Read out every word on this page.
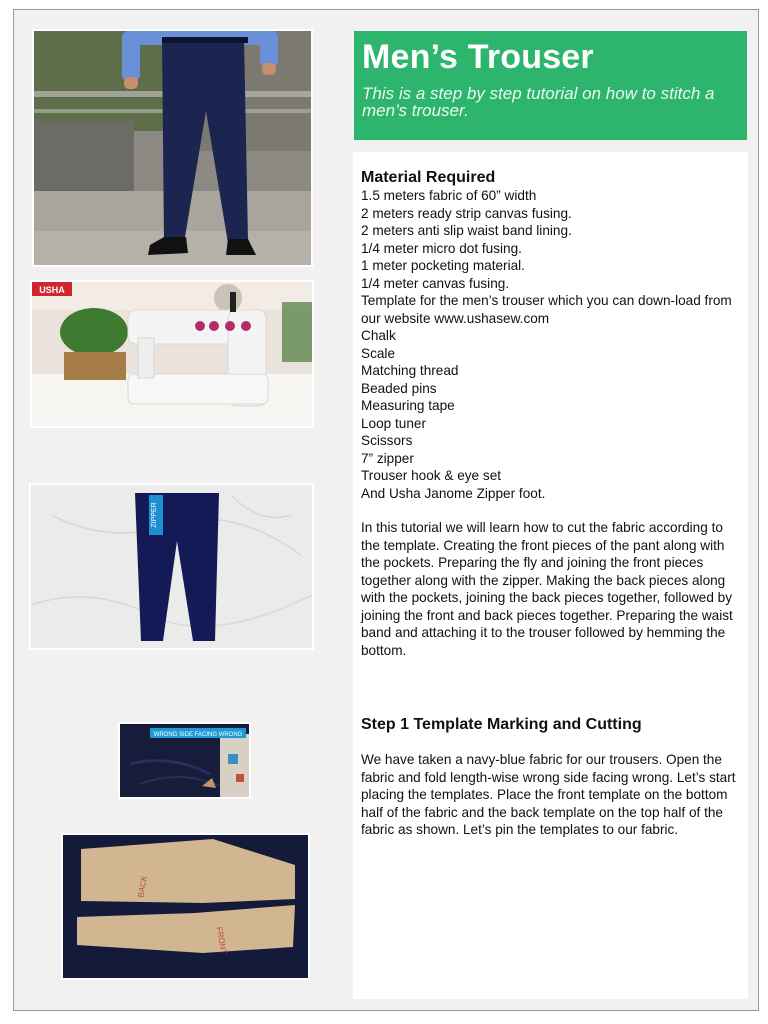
USHA
ZIPPER
WRONG SIDE FACING WRONG
BACK
FRONT
Men’s Trouser
This is a step by step tutorial on how to stitch a men’s trouser.
Material Required
1.5 meters fabric of 60” width
2 meters ready strip canvas fusing.
2 meters anti slip waist band lining.
1/4 meter micro dot fusing.
1 meter pocketing material.
1/4 meter canvas fusing.
Template for the men’s trouser which you can down-load from our website www.ushasew.com
Chalk
Scale
Matching thread
Beaded pins
Measuring tape
Loop tuner
Scissors
7” zipper
Trouser hook & eye set
And Usha Janome Zipper foot.

In this tutorial we will learn how to cut the fabric according to the template. Creating the front pieces of the pant along with the pockets. Preparing the fly and joining the front pieces together along with the zipper. Making the back pieces along with the pockets, joining the back pieces together, followed by joining the front and back pieces together. Preparing the waist band and attaching it to the trouser followed by hemming the bottom.

Step 1 Template Marking and Cutting

We have taken a navy-blue fabric for our trousers. Open the fabric and fold length-wise wrong side facing wrong. Let’s start placing the templates. Place the front template on the bottom half of the fabric and the back template on the top half of the fabric as shown. Let’s pin the templates to our fabric.
